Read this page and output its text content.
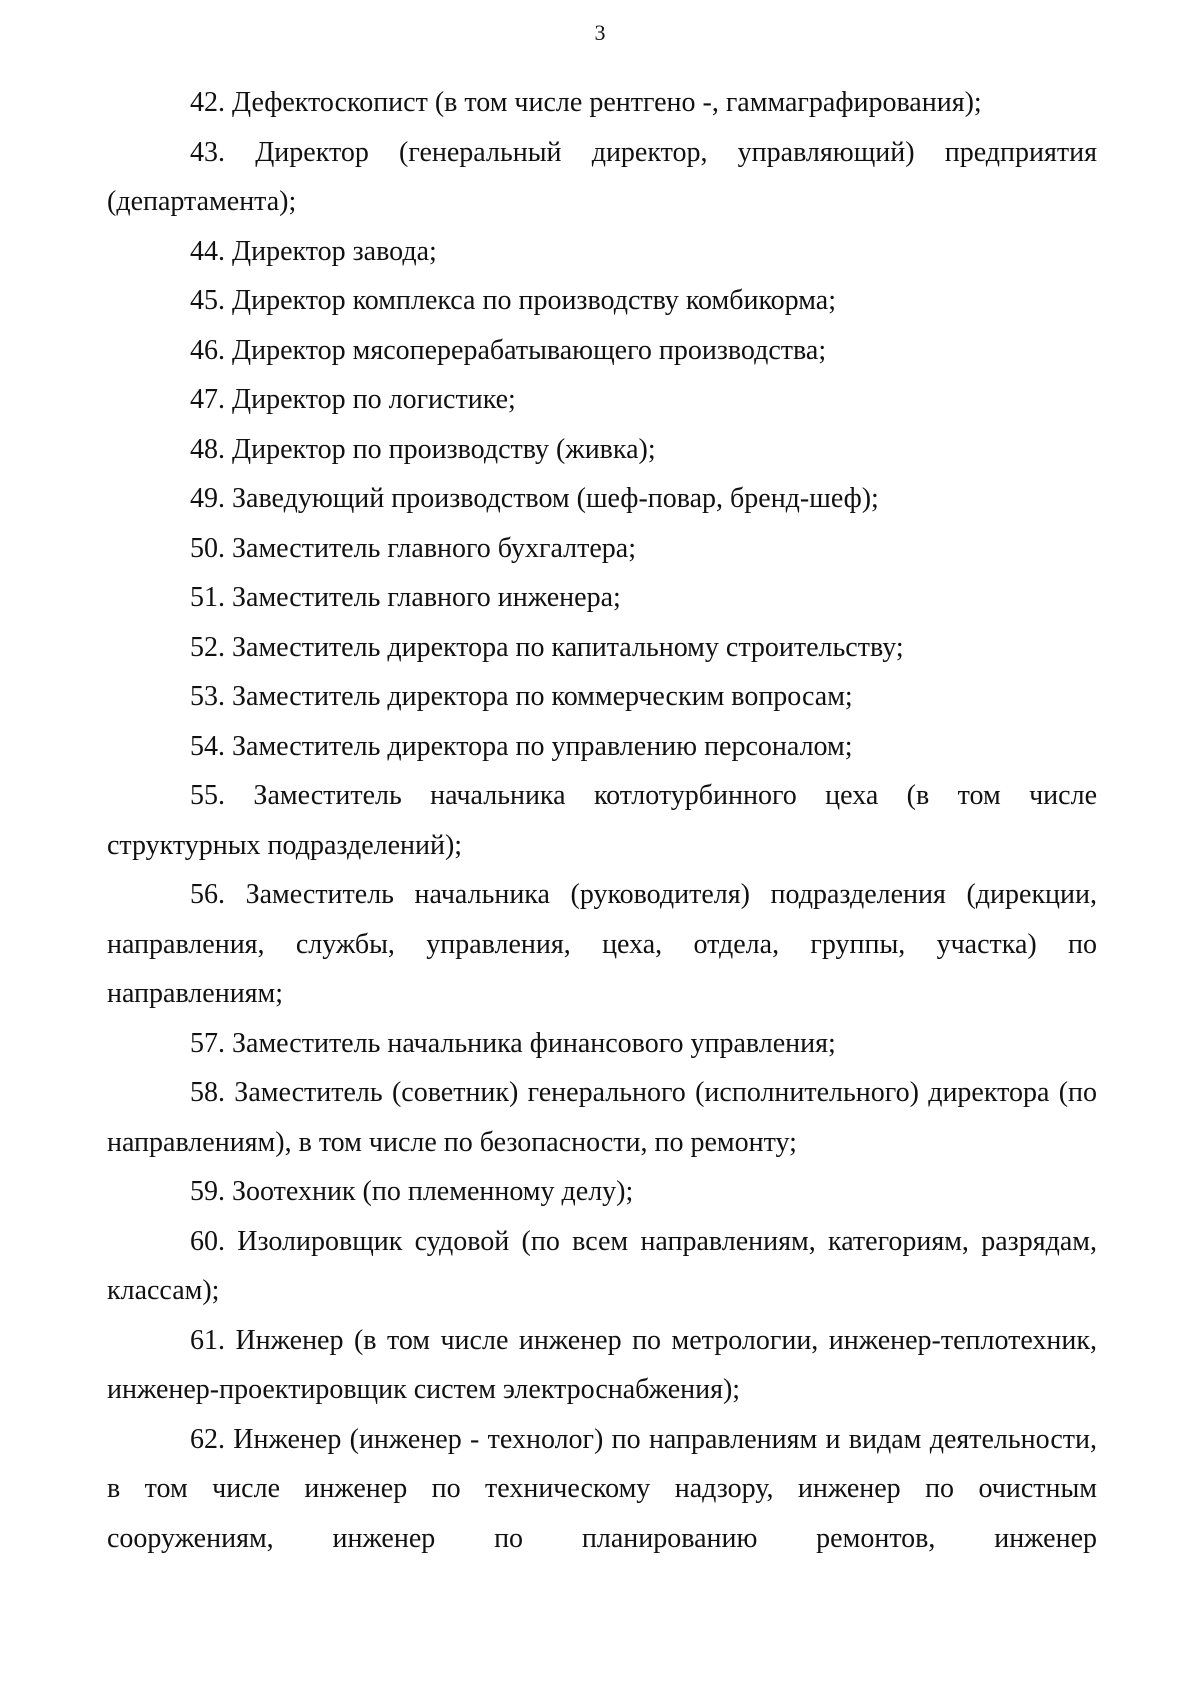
3

42. Дефектоскопист (в том числе рентгено -, гаммаграфирования);

43. Директор (генеральный директор, управляющий) предприятия (департамента);

44. Директор завода;

45. Директор комплекса по производству комбикорма;

46. Директор мясоперерабатывающего производства;

47. Директор по логистике;

48. Директор по производству (живка);

49. Заведующий производством (шеф-повар, бренд-шеф);

50. Заместитель главного бухгалтера;

51. Заместитель главного инженера;

52. Заместитель директора по капитальному строительству;

53. Заместитель директора по коммерческим вопросам;

54. Заместитель директора по управлению персоналом;

55. Заместитель начальника котлотурбинного цеха (в том числе структурных подразделений);

56. Заместитель начальника (руководителя) подразделения (дирекции, направления, службы, управления, цеха, отдела, группы, участка) по направлениям;

57. Заместитель начальника финансового управления;

58. Заместитель (советник) генерального (исполнительного) директора (по направлениям), в том числе по безопасности, по ремонту;

59. Зоотехник (по племенному делу);

60. Изолировщик судовой (по всем направлениям, категориям, разрядам, классам);

61. Инженер (в том числе инженер по метрологии, инженер-теплотехник, инженер-проектировщик систем электроснабжения);

62. Инженер (инженер - технолог) по направлениям и видам деятельности, в том числе инженер по техническому надзору, инженер по очистным сооружениям, инженер по планированию ремонтов, инженер
